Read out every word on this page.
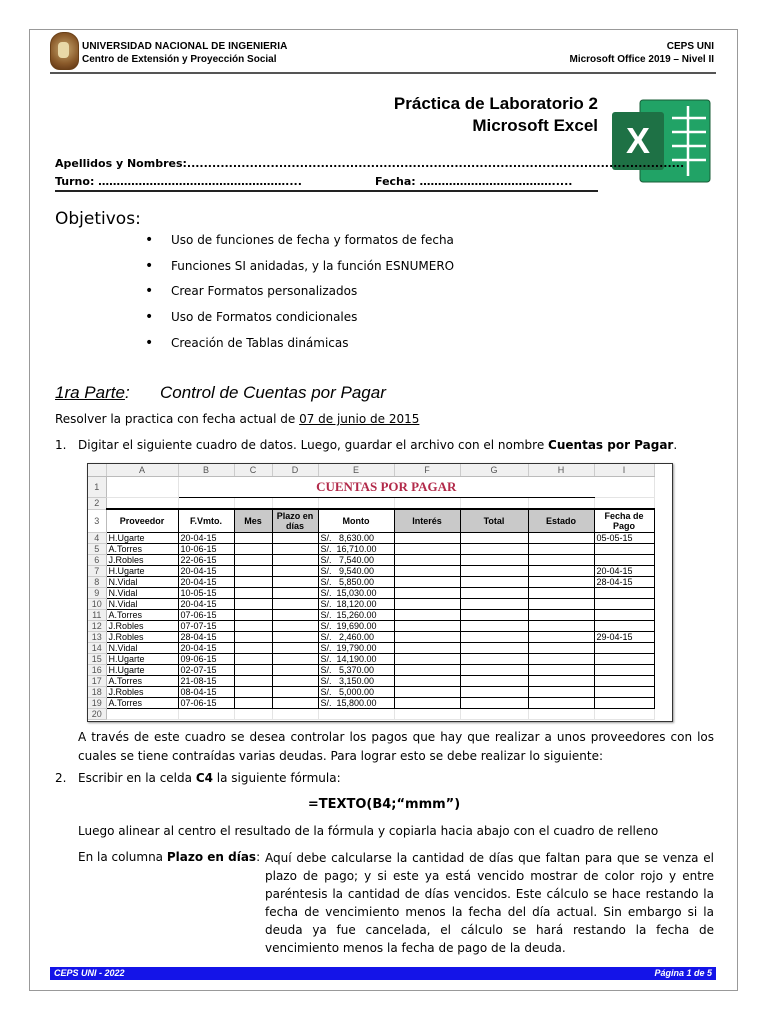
UNIVERSIDAD NACIONAL DE INGENIERIA
Centro de Extensión y Proyección Social
CEPS UNI
Microsoft Office 2019 – Nivel II
Práctica de Laboratorio 2
Microsoft Excel X
Apellidos y Nombres:.......................................................................................................................
Turno: ……………………………………………....	Fecha: ……………………………….....
Objetivos:
• Uso de funciones de fecha y formatos de fecha
• Funciones SI anidadas, y la función ESNUMERO
• Crear Formatos personalizados
• Uso de Formatos condicionales
• Creación de Tablas dinámicas
1ra Parte: Control de Cuentas por Pagar
Resolver la practica con fecha actual de 07 de junio de 2015
1. Digitar el siguiente cuadro de datos. Luego, guardar el archivo con el nombre Cuentas por Pagar.
	A	B	C	D	E	F	G	H	I
1		CUENTAS POR PAGAR							
2									
3	Proveedor	F.Vmto.	Mes	Plazo en días	Monto	Interés	Total	Estado	Fecha de Pago
4	H.Ugarte	20-04-15			S/.   8,630.00				05-05-15
5	A.Torres	10-06-15			S/.  16,710.00				
6	J.Robles	22-06-15			S/.   7,540.00				
7	H.Ugarte	20-04-15			S/.   9,540.00				20-04-15
8	N.Vidal	20-04-15			S/.   5,850.00				28-04-15
9	N.Vidal	10-05-15			S/.  15,030.00				
10	N.Vidal	20-04-15			S/.  18,120.00				
11	A.Torres	07-06-15			S/.  15,260.00				
12	J.Robles	07-07-15			S/.  19,690.00				
13	J.Robles	28-04-15			S/.   2,460.00				29-04-15
14	N.Vidal	20-04-15			S/.  19,790.00				
15	H.Ugarte	09-06-15			S/.  14,190.00				
16	H.Ugarte	02-07-15			S/.   5,370.00				
17	A.Torres	21-08-15			S/.   3,150.00				
18	J.Robles	08-04-15			S/.   5,000.00				
19	A.Torres	07-06-15			S/.  15,800.00				
20									
A través de este cuadro se desea controlar los pagos que hay que realizar a unos proveedores con los cuales se tiene contraídas varias deudas. Para lograr esto se debe realizar lo siguiente:
2. Escribir en la celda C4 la siguiente fórmula:
=TEXTO(B4;“mmm”)
Luego alinear al centro el resultado de la fórmula y copiarla hacia abajo con el cuadro de relleno
En la columna Plazo en días: Aquí debe calcularse la cantidad de días que faltan para que se venza el plazo de pago; y si este ya está vencido mostrar de color rojo y entre paréntesis la cantidad de días vencidos. Este cálculo se hace restando la fecha de vencimiento menos la fecha del día actual. Sin embargo si la deuda ya fue cancelada, el cálculo se hará restando la fecha de vencimiento menos la fecha de pago de la deuda.
CEPS UNI - 2022	Página 1 de 5
